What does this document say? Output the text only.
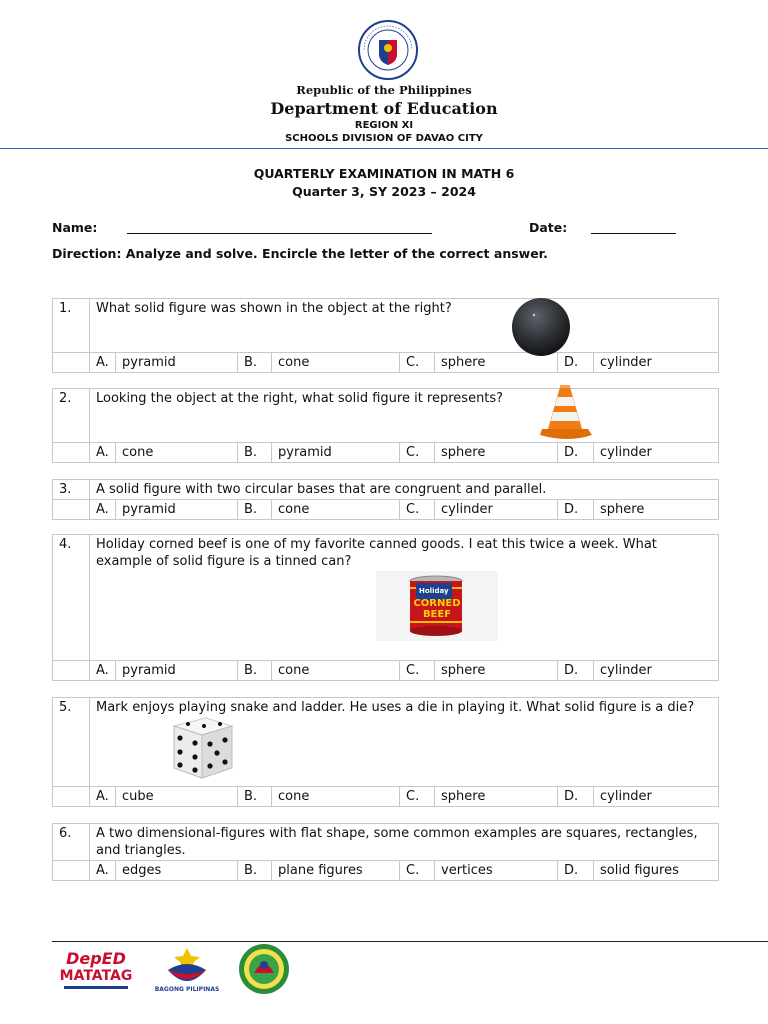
Republic of the Philippines
Department of Education
REGION XI
SCHOOLS DIVISION OF DAVAO CITY
QUARTERLY EXAMINATION IN MATH 6
Quarter 3, SY 2023 – 2024
Name:	Date:
Direction: Analyze and solve. Encircle the letter of the correct answer.
1.	What solid figure was shown in the object at the right?							

	A.	pyramid	B.	cone	C.	sphere	D.	cylinder
2.	Looking the object at the right, what solid figure it represents?							

	A.	cone	B.	pyramid	C.	sphere	D.	cylinder
3.	A solid figure with two circular bases that are congruent and parallel.							
	A.	pyramid	B.	cone	C.	cylinder	D.	sphere
4.	Holiday corned beef is one of my favorite canned goods. I eat this twice a week. What example of solid figure is a tinned can?
Holiday
CORNED
BEEF							

	A.	pyramid	B.	cone	C.	sphere	D.	cylinder
5.	Mark enjoys playing snake and ladder. He uses a die in playing it. What solid figure is a die?							

	A.	cube	B.	cone	C.	sphere	D.	cylinder
6.	A two dimensional-figures with flat shape, some common examples are squares, rectangles, and triangles.							
	A.	edges	B.	plane figures	C.	vertices	D.	solid figures
DepED
MATATAG
BAGONG PILIPINAS
